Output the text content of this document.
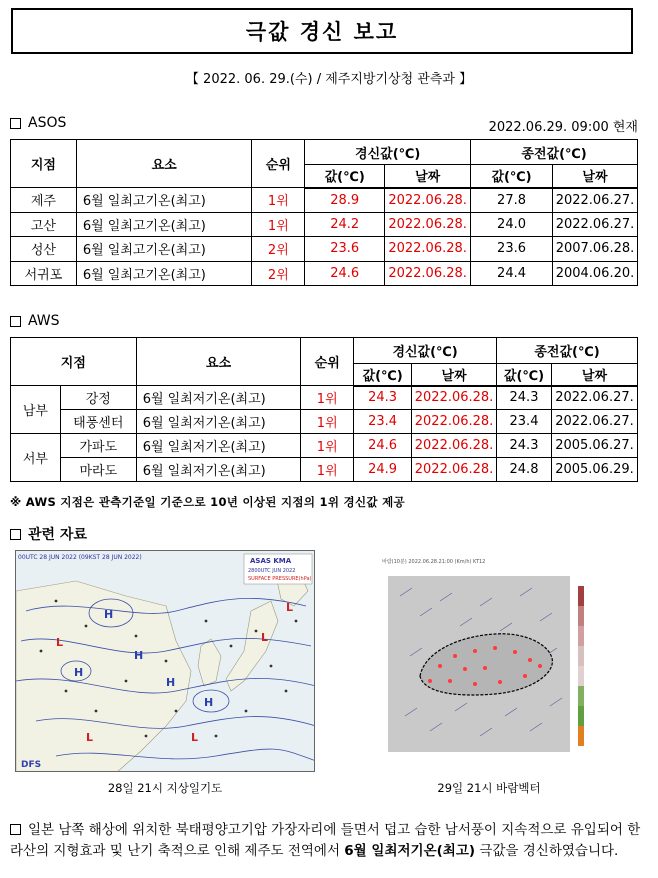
극값 경신 보고
【 2022. 06. 29.(수) / 제주지방기상청 관측과 】
ASOS	2022.06.29. 09:00 현재
지점	요소	순위	경신값(℃)		종전값(℃)	
			값(℃)	날짜	값(℃)	날짜
제주	6월 일최고기온(최고)	1위	28.9	2022.06.28.	27.8	2022.06.27.
고산	6월 일최고기온(최고)	1위	24.2	2022.06.28.	24.0	2022.06.27.
성산	6월 일최고기온(최고)	2위	23.6	2022.06.28.	23.6	2007.06.28.
서귀포	6월 일최고기온(최고)	2위	24.6	2022.06.28.	24.4	2004.06.20.
AWS
지점		요소	순위	경신값(℃)		종전값(℃)	
				값(℃)	날짜	값(℃)	날짜
남부	강정	6월 일최저기온(최고)	1위	24.3	2022.06.28.	24.3	2022.06.27.
	태풍센터	6월 일최저기온(최고)	1위	23.4	2022.06.28.	23.4	2022.06.27.
서부	가파도	6월 일최저기온(최고)	1위	24.6	2022.06.28.	24.3	2005.06.27.
	마라도	6월 일최저기온(최고)	1위	24.9	2022.06.28.	24.8	2005.06.29.
※ AWS 지점은 관측기준일 기준으로 10년 이상된 지점의 1위 경신값 제공
관련 자료
00UTC 28 JUN 2022 (09KST 28 JUN 2022)
H
L
H
H
H
H
L
L	L
L
ASAS KMA
2800UTC JUN 2022
SURFACE PRESSURE(hPa)
DFS
28일 21시 지상일기도
바람(10분) 2022.06.28.21:00 (Km/h) KT12
29일 21시 바람벡터
일본 남쪽 해상에 위치한 북태평양고기압 가장자리에 들면서 덥고 습한 남서풍이 지속적으로 유입되어 한라산의 지형효과 및 난기 축적으로 인해 제주도 전역에서 6월 일최저기온(최고) 극값을 경신하였습니다.
